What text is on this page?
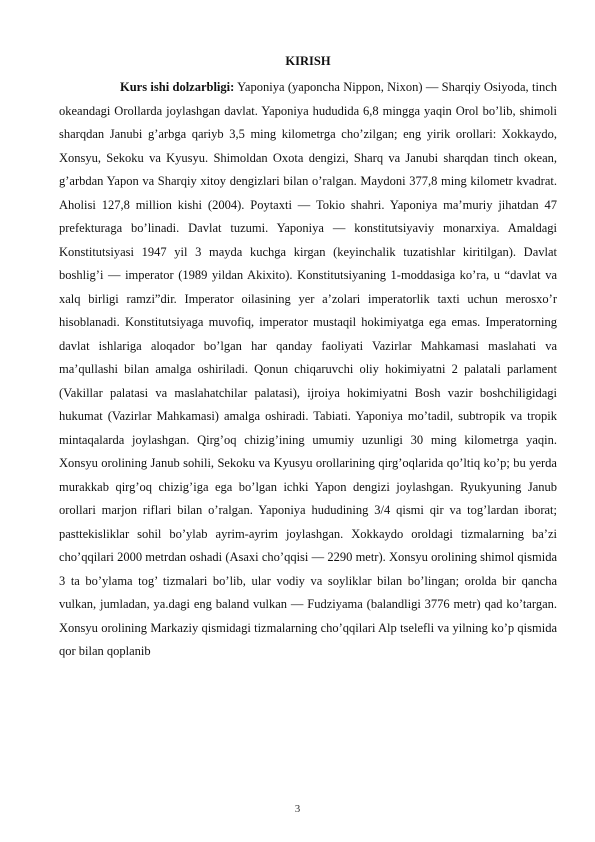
KIRISH

Kurs ishi dolzarbligi: Yaponiya (yaponcha Nippon, Nixon) — Sharqiy Osiyoda, tinch okeandagi Orollarda joylashgan davlat. Yaponiya hududida 6,8 mingga yaqin Orol bo’lib, shimoli sharqdan Janubi g’arbga qariyb 3,5 ming kilometrga cho’zilgan; eng yirik orollari: Xokkaydo, Xonsyu, Sekoku va Kyusyu. Shimoldan Oxota dengizi, Sharq va Janubi sharqdan tinch okean, g’arbdan Yapon va Sharqiy xitoy dengizlari bilan o’ralgan. Maydoni 377,8 ming kilometr kvadrat. Aholisi 127,8 million kishi (2004). Poytaxti — Tokio shahri. Yaponiya ma’muriy jihatdan 47 prefekturaga bo’linadi. Davlat tuzumi. Yaponiya — konstitutsiyaviy monarxiya. Amaldagi Konstitutsiyasi 1947 yil 3 mayda kuchga kirgan (keyinchalik tuzatishlar kiritilgan). Davlat boshlig’i — imperator (1989 yildan Akixito). Konstitutsiyaning 1-moddasiga ko’ra, u “davlat va xalq birligi ramzi”dir. Imperator oilasining yer a’zolari imperatorlik taxti uchun merosxo’r hisoblanadi. Konstitutsiyaga muvofiq, imperator mustaqil hokimiyatga ega emas. Imperatorning davlat ishlariga aloqador bo’lgan har qanday faoliyati Vazirlar Mahkamasi maslahati va ma’qullashi bilan amalga oshiriladi. Qonun chiqaruvchi oliy hokimiyatni 2 palatali parlament (Vakillar palatasi va maslahatchilar palatasi), ijroiya hokimiyatni Bosh vazir boshchiligidagi hukumat (Vazirlar Mahkamasi) amalga oshiradi. Tabiati. Yaponiya mo’tadil, subtropik va tropik mintaqalarda joylashgan. Qirg’oq chizig’ining umumiy uzunligi 30 ming kilometrga yaqin. Xonsyu orolining Janub sohili, Sekoku va Kyusyu orollarining qirg’oqlarida qo’ltiq ko’p; bu yerda murakkab qirg’oq chizig’iga ega bo’lgan ichki Yapon dengizi joylashgan. Ryukyuning Janub orollari marjon riflari bilan o’ralgan. Yaponiya hududining 3/4 qismi qir va tog’lardan iborat; pasttekisliklar sohil bo’ylab ayrim-ayrim joylashgan. Xokkaydo oroldagi tizmalarning ba’zi cho’qqilari 2000 metrdan oshadi (Asaxi cho’qqisi — 2290 metr). Xonsyu orolining shimol qismida 3 ta bo’ylama tog’ tizmalari bo’lib, ular vodiy va soyliklar bilan bo’lingan; orolda bir qancha vulkan, jumladan, ya.dagi eng baland vulkan — Fudziyama (balandligi 3776 metr) qad ko’targan. Xonsyu orolining Markaziy qismidagi tizmalarning cho’qqilari Alp tselefli va yilning ko’p qismida qor bilan qoplanib

3
